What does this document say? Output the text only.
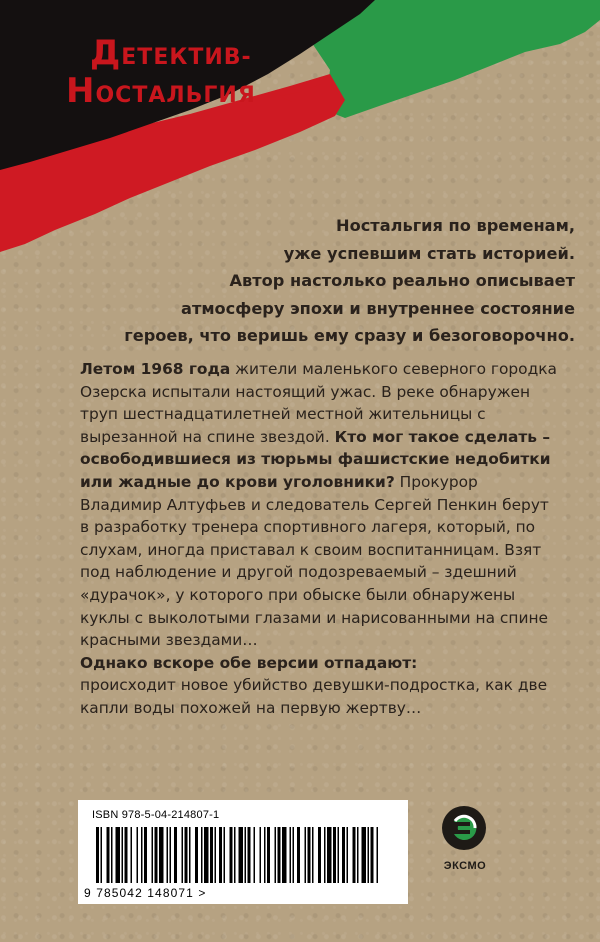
ДЕТЕКТИВ-
НОСТАЛЬГИЯ

Ностальгия по временам,
уже успевшим стать историей.
Автор настолько реально описывает
атмосферу эпохи и внутреннее состояние
героев, что веришь ему сразу и безоговорочно.

Летом 1968 года жители маленького северного городка Озерска испытали настоящий ужас. В реке обнаружен труп шестнадцатилетней местной жительницы с вырезанной на спине звездой. Кто мог такое сделать – освободившиеся из тюрьмы фашистские недобитки или жадные до крови уголовники? Прокурор Владимир Алтуфьев и следователь Сергей Пенкин берут в разработку тренера спортивного лагеря, который, по слухам, иногда приставал к своим воспитанницам. Взят под наблюдение и другой подозреваемый – здешний «дурачок», у которого при обыске были обнаружены куклы с выколотыми глазами и нарисованными на спине красными звездами…
Однако вскоре обе версии отпадают:
происходит новое убийство девушки-подростка, как две капли воды похожей на первую жертву…

ISBN 978-5-04-214807-1
9 785042 148071 >
ЭКСМО
